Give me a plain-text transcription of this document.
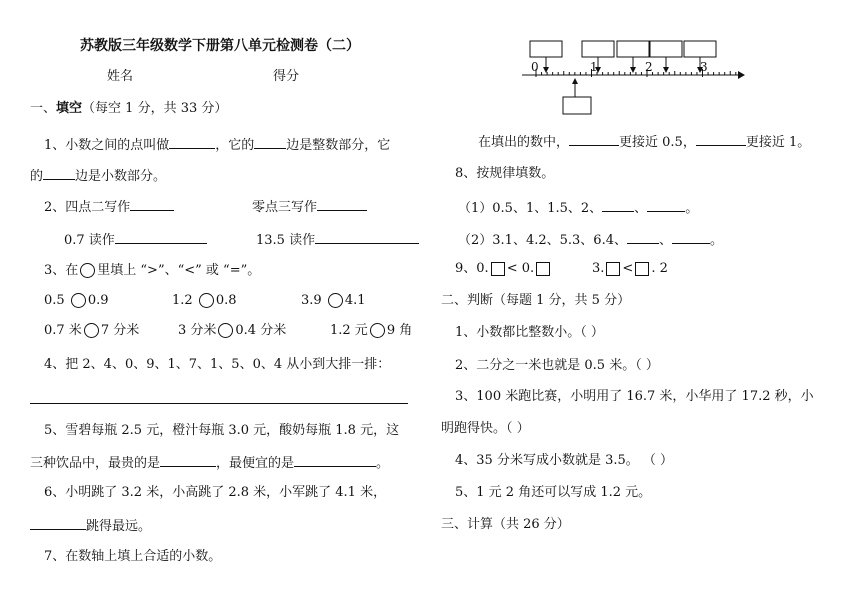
苏教版三年级数学下册第八单元检测卷（二）
姓名	得分
一、填空（每空 1 分，共 33 分）
1、小数之间的点叫做	，它的 边是整数部分，它
的 边是小数部分。
2、四点二写作	零点三写作
0.7 读作	13.5 读作
3、在 里填上 “>”、“<” 或 “=”。
0.5 0.9	1.2 0.8	3.9 4.1
0.7 米 7 分米	3 分米 0.4 分米	1.2 元 9 角
4、把 2、4、0、9、1、7、1、5、0、4 从小到大排一排：
5、雪碧每瓶 2.5 元，橙汁每瓶 3.0 元，酸奶每瓶 1.8 元，这
三种饮品中，最贵的是	，最便宜的是	。
6、小明跳了 3.2 米，小高跳了 2.8 米，小军跳了 4.1 米，
跳得最远。
7、在数轴上填上合适的小数。
0	1	2	3
在填出的数中，	更接近 0.5，	更接近 1。
8、按规律填数。
（1）0.5、1、1.5、2、 、	。
（2）3.1、4.2、5.3、6.4、 、	。
9、0. < 0.	3. < . 2
二、判断（每题 1 分，共 5 分）
1、小数都比整数小。（ ）
2、二分之一米也就是 0.5 米。（ ）
3、100 米跑比赛，小明用了 16.7 米，小华用了 17.2 秒，小
明跑得快。（ ）
4、35 分米写成小数就是 3.5。 （ ）
5、1 元 2 角还可以写成 1.2 元。
三、计算（共 26 分）
